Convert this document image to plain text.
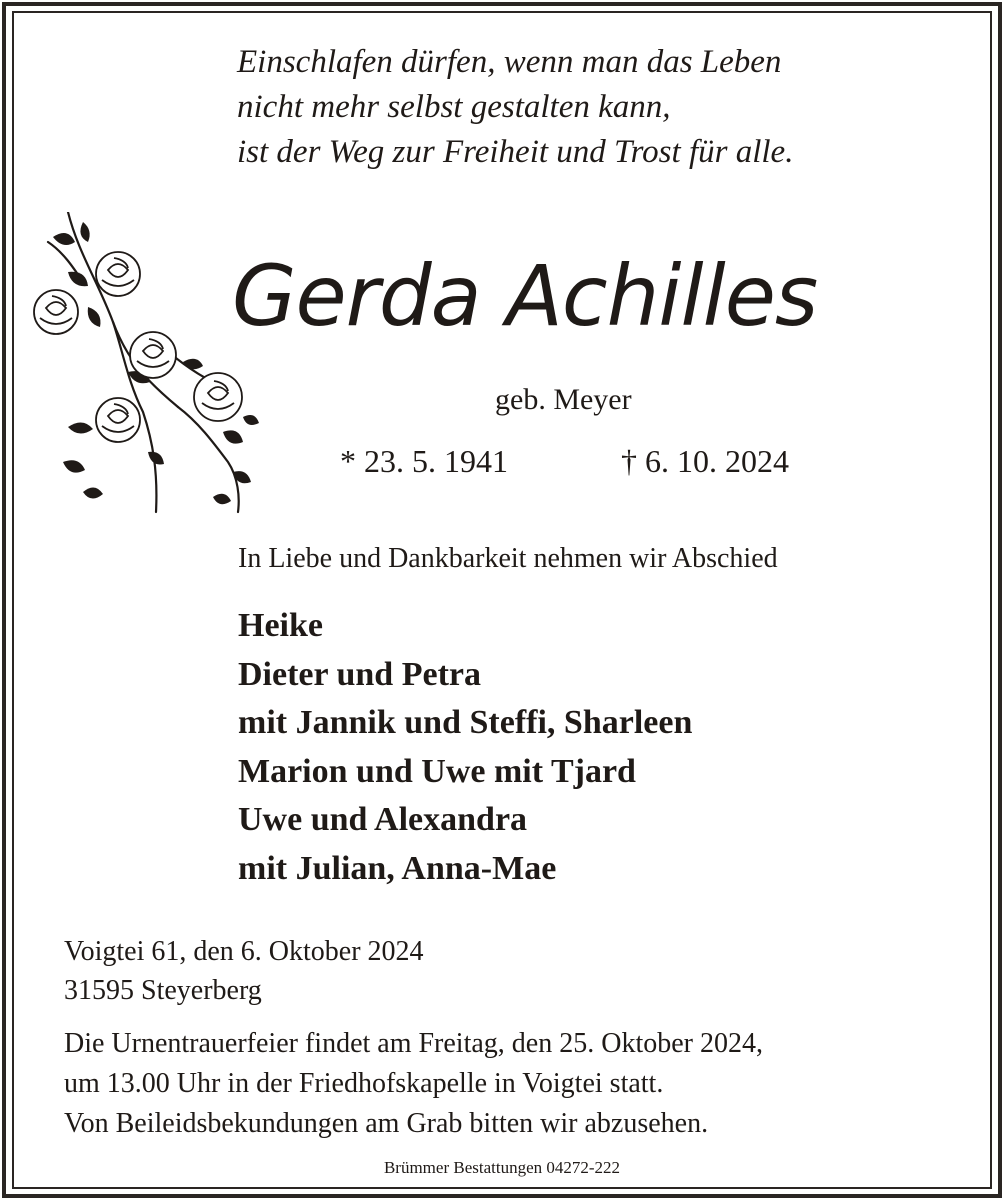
Einschlafen dürfen, wenn man das Leben
nicht mehr selbst gestalten kann,
ist der Weg zur Freiheit und Trost für alle.
Gerda Achilles
geb. Meyer
* 23. 5. 1941	† 6. 10. 2024
In Liebe und Dankbarkeit nehmen wir Abschied
Heike
Dieter und Petra
mit Jannik und Steffi, Sharleen
Marion und Uwe mit Tjard
Uwe und Alexandra
mit Julian, Anna-Mae
Voigtei 61, den 6. Oktober 2024
31595 Steyerberg
Die Urnentrauerfeier findet am Freitag, den 25. Oktober 2024,
um 13.00 Uhr in der Friedhofskapelle in Voigtei statt.
Von Beileidsbekundungen am Grab bitten wir abzusehen.
Brümmer Bestattungen 04272-222
